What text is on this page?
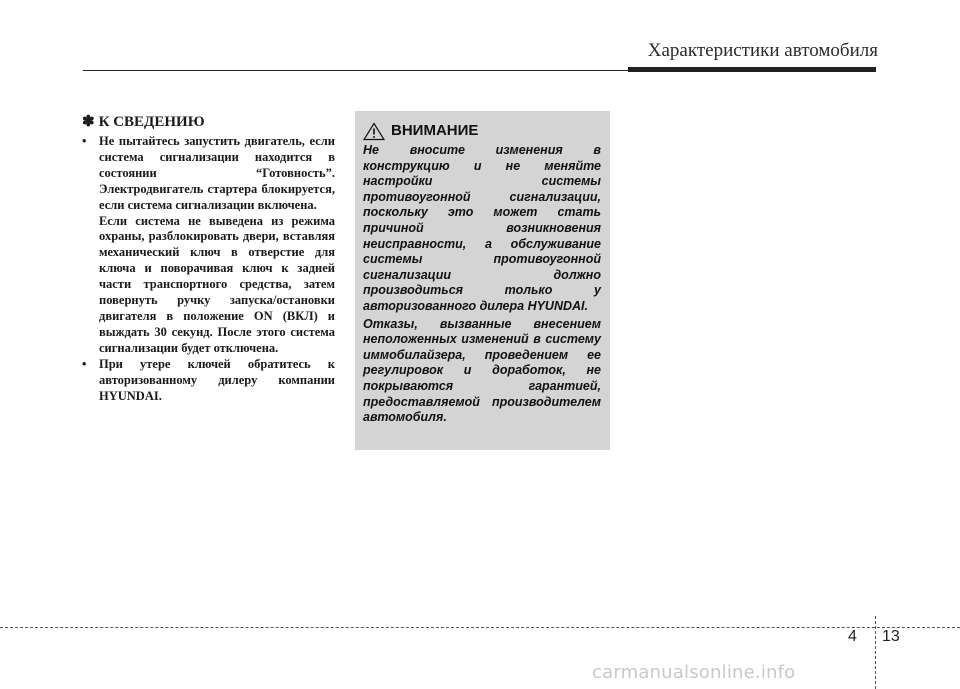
Характеристики автомобиля
✽ К СВЕДЕНИЮ
• Не пытайтесь запустить двигатель, если система сигнализации находится в состоянии “Готовность”. Электродвигатель стартера блокируется, если система сигнализации включена.

Если система не выведена из режима охраны, разблокировать двери, вставляя механический ключ в отверстие для ключа и поворачивая ключ к задней части транспортного средства, затем повернуть ручку запуска/остановки двигателя в положение ON (ВКЛ) и выждать 30 секунд. После этого система сигнализации будет отключена.

• При утере ключей обратитесь к авторизованному дилеру компании HYUNDAI.

ВНИМАНИЕ

Не вносите изменения в конструкцию и не меняйте настройки системы противоугонной сигнализации, поскольку это может стать причиной возникновения неисправности, а обслуживание системы противоугонной сигнализации должно производиться только у авторизованного дилера HYUNDAI.

Отказы, вызванные внесением неположенных изменений в систему иммобилайзера, проведением ее регулировок и доработок, не покрываются гарантией, предоставляемой производителем автомобиля.

4 13
carmanualsonline.info
